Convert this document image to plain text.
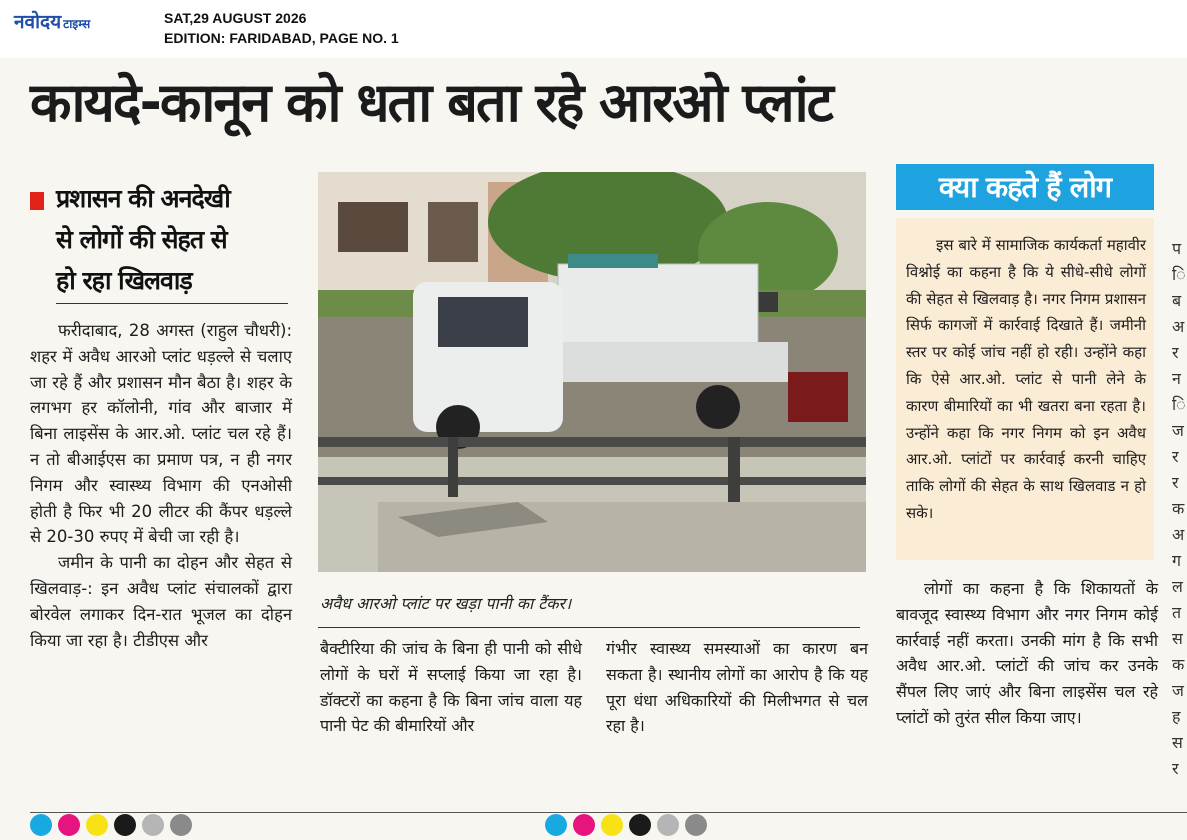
नवोदय टाइम्स	SAT,29 AUGUST 2026
EDITION: FARIDABAD, PAGE NO. 1
कायदे-कानून को धता बता रहे आरओ प्लांट
प्रशासन की अनदेखी
से लोगों की सेहत से
हो रहा खिलवाड़

फरीदाबाद, 28 अगस्त (राहुल चौधरी): शहर में अवैध आरओ प्लांट धड़ल्ले से चलाए जा रहे हैं और प्रशासन मौन बैठा है। शहर के लगभग हर कॉलोनी, गांव और बाजार में बिना लाइसेंस के आर.ओ. प्लांट चल रहे हैं। न तो बीआईएस का प्रमाण पत्र, न ही नगर निगम और स्वास्थ्य विभाग की एनओसी होती है फिर भी 20 लीटर की कैंपर धड़ल्ले से 20-30 रुपए में बेची जा रही है।

जमीन के पानी का दोहन और सेहत से खिलवाड़-: इन अवैध प्लांट संचालकों द्वारा बोरवेल लगाकर दिन-रात भूजल का दोहन किया जा रहा है। टीडीएस और

अवैध आरओ प्लांट पर खड़ा पानी का टैंकर।

बैक्टीरिया की जांच के बिना ही पानी को सीधे लोगों के घरों में सप्लाई किया जा रहा है। डॉक्टरों का कहना है कि बिना जांच वाला यह पानी पेट की बीमारियों और

गंभीर स्वास्थ्य समस्याओं का कारण बन सकता है। स्थानीय लोगों का आरोप है कि यह पूरा धंधा अधिकारियों की मिलीभगत से चल रहा है।

क्या कहते हैं लोग

इस बारे में सामाजिक कार्यकर्ता महावीर विश्नोई का कहना है कि ये सीधे-सीधे लोगों की सेहत से खिलवाड़ है। नगर निगम प्रशासन सिर्फ कागजों में कार्रवाई दिखाते हैं। जमीनी स्तर पर कोई जांच नहीं हो रही। उन्होंने कहा कि ऐसे आर.ओ. प्लांट से पानी लेने के कारण बीमारियों का भी खतरा बना रहता है। उन्होंने कहा कि नगर निगम को इन अवैध आर.ओ. प्लांटों पर कार्रवाई करनी चाहिए ताकि लोगों की सेहत के साथ खिलवाड न हो सके।

लोगों का कहना है कि शिकायतों के बावजूद स्वास्थ्य विभाग और नगर निगम कोई कार्रवाई नहीं करता। उनकी मांग है कि सभी अवैध आर.ओ. प्लांटों की जांच कर उनके सैंपल लिए जाएं और बिना लाइसेंस चल रहे प्लांटों को तुरंत सील किया जाए।

प
ि
ब
अ
र
न
ि
ज
र
र
क
अ
ग
ल
त
स
क
ज
ह
स
र
